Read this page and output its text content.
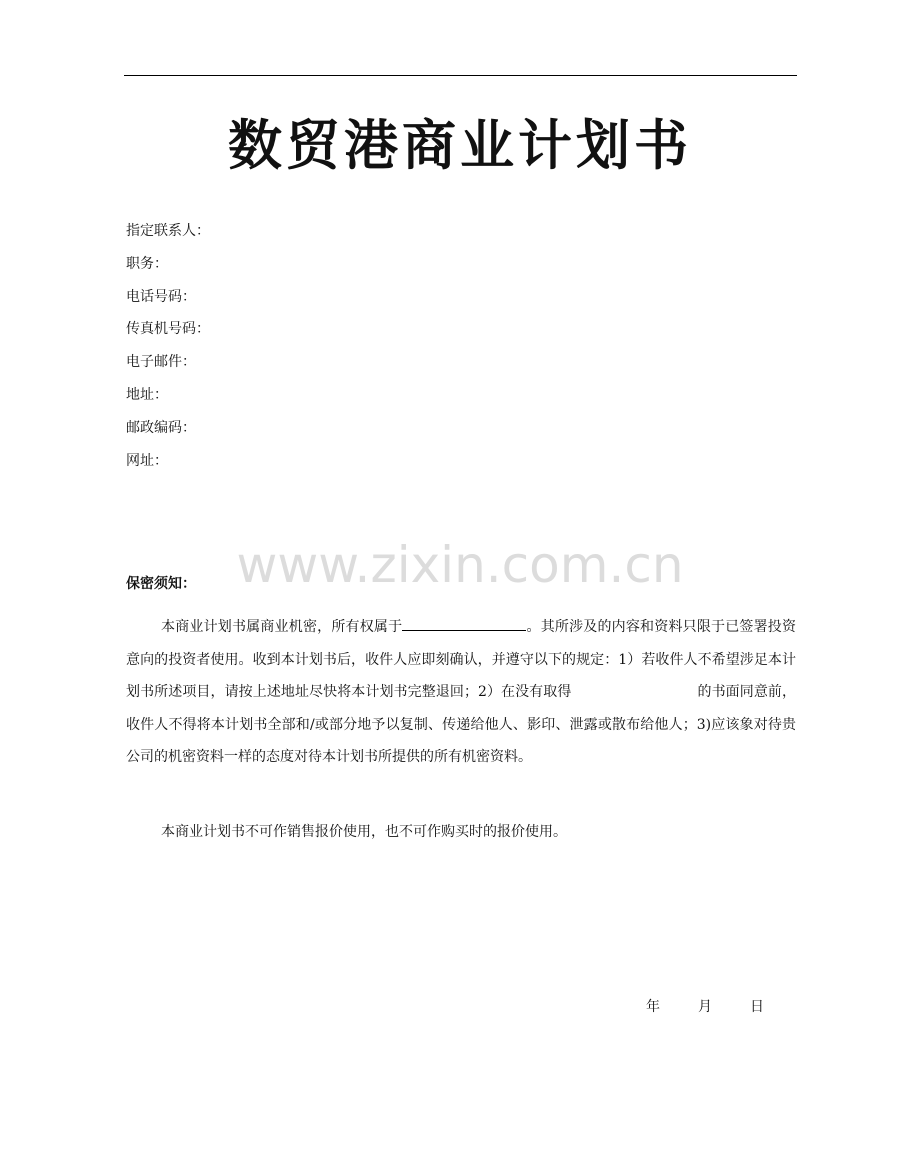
数贸港商业计划书
指定联系人：
职务：
电话号码：
传真机号码：
电子邮件：
地址：
邮政编码：
网址：
www.zixin.com.cn
保密须知：
本商业计划书属商业机密，所有权属于	。其所涉及的内容和资料只限于已签署投资意向的投资者使用。收到本计划书后，收件人应即刻确认，并遵守以下的规定：1）若收件人不希望涉足本计划书所述项目，请按上述地址尽快将本计划书完整退回；2）在没有取得	的书面同意前，收件人不得将本计划书全部和/或部分地予以复制、传递给他人、影印、泄露或散布给他人；3)应该象对待贵公司的机密资料一样的态度对待本计划书所提供的所有机密资料。
本商业计划书不可作销售报价使用，也不可作购买时的报价使用。
年	月	日
